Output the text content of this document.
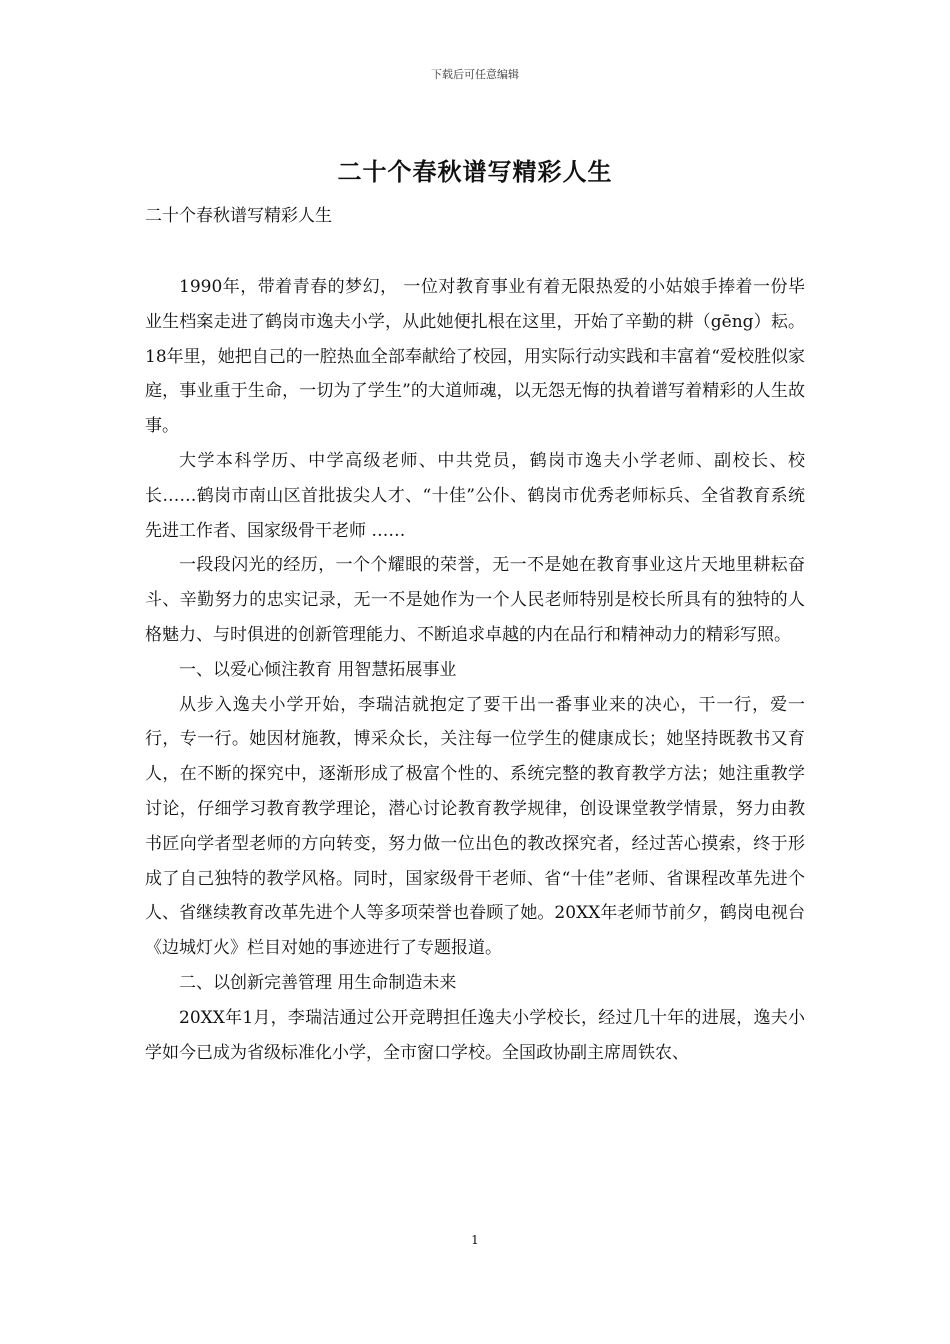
下载后可任意编辑
二十个春秋谱写精彩人生

二十个春秋谱写精彩人生

1990年，带着青春的梦幻， 一位对教育事业有着无限热爱的小姑娘手捧着一份毕业生档案走进了鹤岗市逸夫小学，从此她便扎根在这里，开始了辛勤的耕（gēng）耘。18年里，她把自己的一腔热血全部奉献给了校园，用实际行动实践和丰富着“爱校胜似家庭，事业重于生命，一切为了学生”的大道师魂，以无怨无悔的执着谱写着精彩的人生故事。

大学本科学历、中学高级老师、中共党员，鹤岗市逸夫小学老师、副校长、校长……鹤岗市南山区首批拔尖人才、“十佳”公仆、鹤岗市优秀老师标兵、全省教育系统先进工作者、国家级骨干老师 ……

一段段闪光的经历，一个个耀眼的荣誉，无一不是她在教育事业这片天地里耕耘奋斗、辛勤努力的忠实记录，无一不是她作为一个人民老师特别是校长所具有的独特的人格魅力、与时俱进的创新管理能力、不断追求卓越的内在品行和精神动力的精彩写照。

一、以爱心倾注教育 用智慧拓展事业

从步入逸夫小学开始，李瑞洁就抱定了要干出一番事业来的决心，干一行，爱一行，专一行。她因材施教，博采众长，关注每一位学生的健康成长；她坚持既教书又育人，在不断的探究中，逐渐形成了极富个性的、系统完整的教育教学方法；她注重教学讨论，仔细学习教育教学理论，潜心讨论教育教学规律，创设课堂教学情景，努力由教书匠向学者型老师的方向转变，努力做一位出色的教改探究者，经过苦心摸索，终于形成了自己独特的教学风格。同时，国家级骨干老师、省“十佳”老师、省课程改革先进个人、省继续教育改革先进个人等多项荣誉也眷顾了她。20XX年老师节前夕，鹤岗电视台《边城灯火》栏目对她的事迹进行了专题报道。

二、以创新完善管理 用生命制造未来

20XX年1月，李瑞洁通过公开竞聘担任逸夫小学校长，经过几十年的进展，逸夫小学如今已成为省级标准化小学，全市窗口学校。全国政协副主席周铁农、

1
